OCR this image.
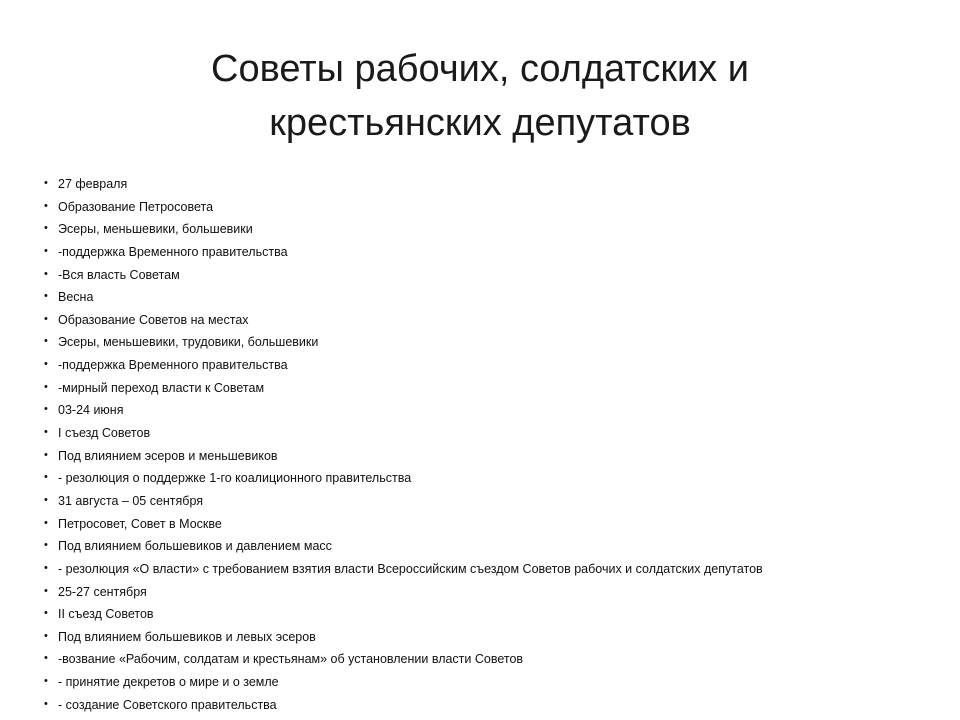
Советы рабочих, солдатских и
крестьянских депутатов
• 27 февраля
• Образование Петросовета
• Эсеры, меньшевики, большевики
• -поддержка Временного правительства
• -Вся власть Советам
• Весна
• Образование Советов на местах
• Эсеры, меньшевики, трудовики, большевики
• -поддержка Временного правительства
• -мирный переход власти к Советам
• 03-24 июня
• I съезд Советов
• Под влиянием эсеров и меньшевиков
• - резолюция о поддержке 1-го коалиционного правительства
• 31 августа – 05 сентября
• Петросовет, Совет в Москве
• Под влиянием большевиков и давлением масс
• - резолюция «О власти» с требованием взятия власти Всероссийским съездом Советов рабочих и солдатских депутатов
• 25-27 сентября
• II съезд Советов
• Под влиянием большевиков и левых эсеров
• -возвание «Рабочим, солдатам и крестьянам» об установлении власти Советов
• - принятие декретов о мире и о земле
• - создание Советского правительства
